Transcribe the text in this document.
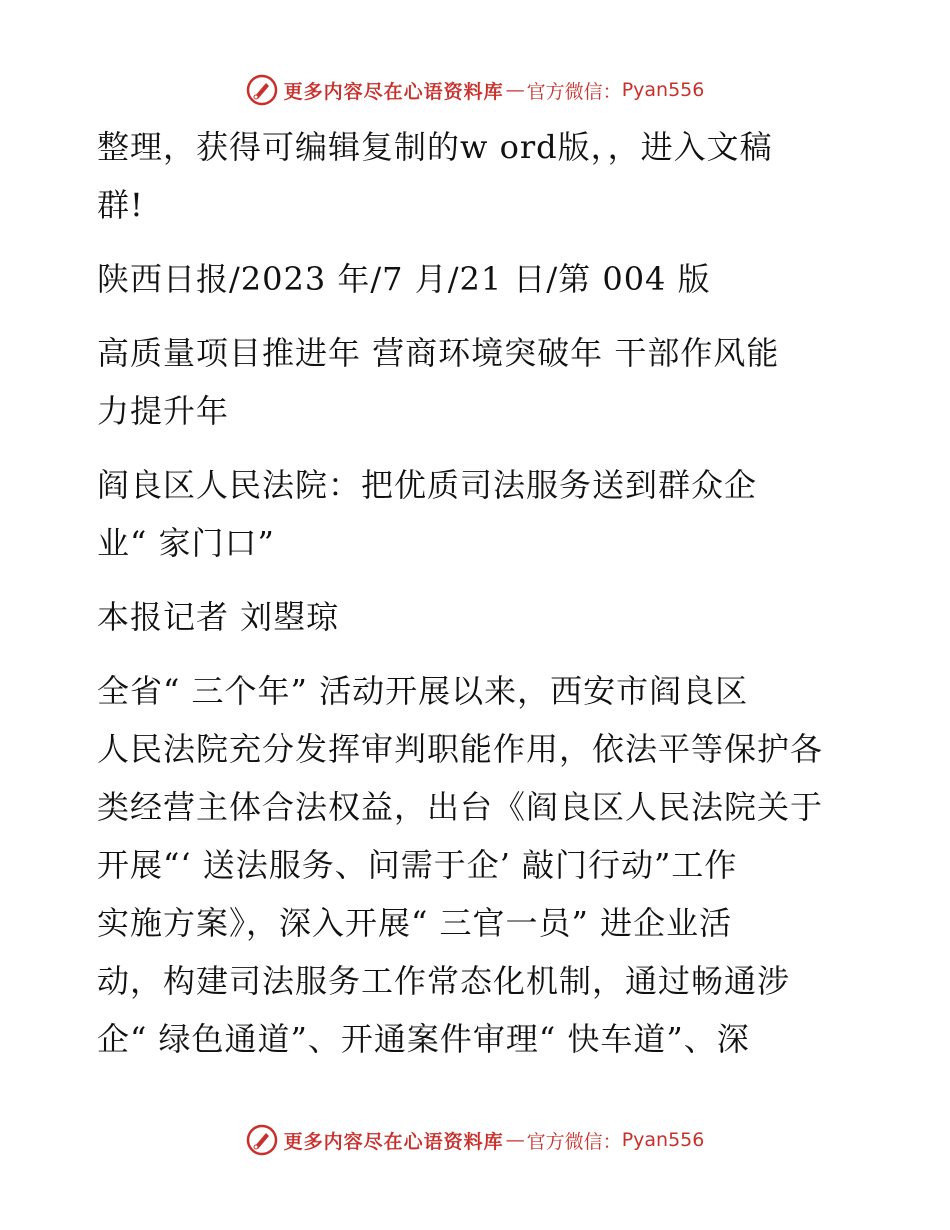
更多内容尽在心语资料库 — 官方微信： Pyan556
整理，获得可编辑复制的w ord版，，进入文稿
群!
陕西日报/2023 年/7 月/21 日/第 004 版
高质量项目推进年 营商环境突破年 干部作风能
力提升年
阎良区人民法院：把优质司法服务送到群众企
业“ 家门口”
本报记者 刘曌琼
全省“ 三个年” 活动开展以来，西安市阎良区
人民法院充分发挥审判职能作用，依法平等保护各
类经营主体合法权益，出台《阎良区人民法院关于
开展“‘ 送法服务、问需于企’ 敲门行动”工作
实施方案》，深入开展“ 三官一员” 进企业活
动，构建司法服务工作常态化机制，通过畅通涉
企“ 绿色通道”、开通案件审理“ 快车道”、深
更多内容尽在心语资料库 — 官方微信： Pyan556
